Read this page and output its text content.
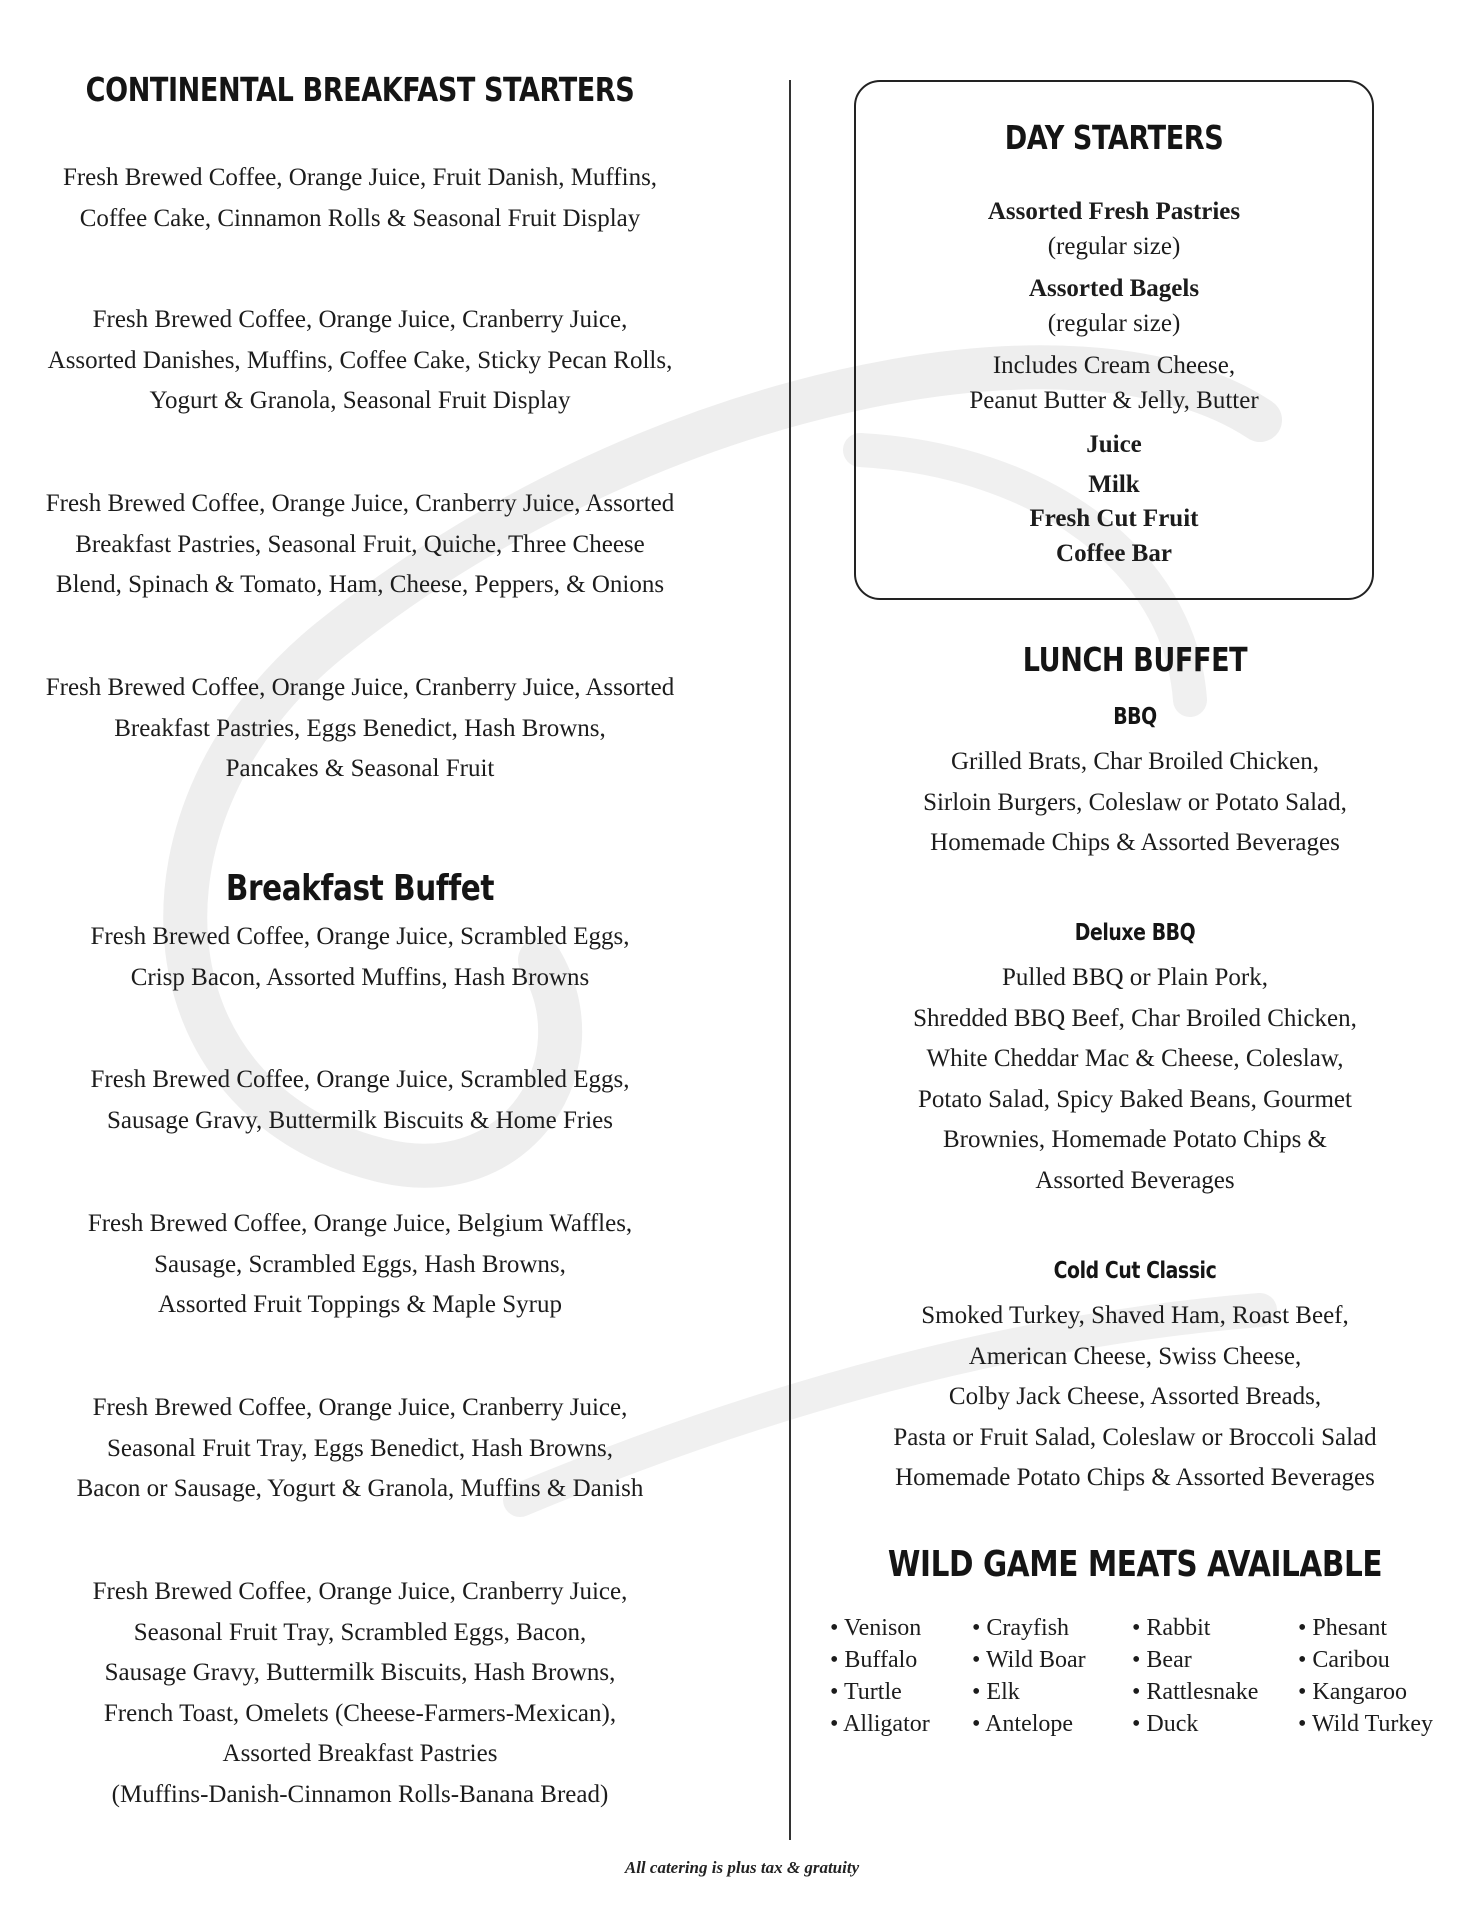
CONTINENTAL BREAKFAST STARTERS

Fresh Brewed Coffee, Orange Juice, Fruit Danish, Muffins,
Coffee Cake, Cinnamon Rolls & Seasonal Fruit Display

Fresh Brewed Coffee, Orange Juice, Cranberry Juice,
Assorted Danishes, Muffins, Coffee Cake, Sticky Pecan Rolls,
Yogurt & Granola, Seasonal Fruit Display

Fresh Brewed Coffee, Orange Juice, Cranberry Juice, Assorted
Breakfast Pastries, Seasonal Fruit, Quiche, Three Cheese
Blend, Spinach & Tomato, Ham, Cheese, Peppers, & Onions

Fresh Brewed Coffee, Orange Juice, Cranberry Juice, Assorted
Breakfast Pastries, Eggs Benedict, Hash Browns,
Pancakes & Seasonal Fruit

Breakfast Buffet

Fresh Brewed Coffee, Orange Juice, Scrambled Eggs,
Crisp Bacon, Assorted Muffins, Hash Browns

Fresh Brewed Coffee, Orange Juice, Scrambled Eggs,
Sausage Gravy, Buttermilk Biscuits & Home Fries

Fresh Brewed Coffee, Orange Juice, Belgium Waffles,
Sausage, Scrambled Eggs, Hash Browns,
Assorted Fruit Toppings & Maple Syrup

Fresh Brewed Coffee, Orange Juice, Cranberry Juice,
Seasonal Fruit Tray, Eggs Benedict, Hash Browns,
Bacon or Sausage, Yogurt & Granola, Muffins & Danish

Fresh Brewed Coffee, Orange Juice, Cranberry Juice,
Seasonal Fruit Tray, Scrambled Eggs, Bacon,
Sausage Gravy, Buttermilk Biscuits, Hash Browns,
French Toast, Omelets (Cheese-Farmers-Mexican),
Assorted Breakfast Pastries
(Muffins-Danish-Cinnamon Rolls-Banana Bread)

DAY STARTERS
Assorted Fresh Pastries
(regular size)
Assorted Bagels
(regular size)
Includes Cream Cheese,
Peanut Butter & Jelly, Butter
Juice
Milk
Fresh Cut Fruit
Coffee Bar
LUNCH BUFFET
BBQ

Grilled Brats, Char Broiled Chicken,
Sirloin Burgers, Coleslaw or Potato Salad,
Homemade Chips & Assorted Beverages

Deluxe BBQ

Pulled BBQ or Plain Pork,
Shredded BBQ Beef, Char Broiled Chicken,
White Cheddar Mac & Cheese, Coleslaw,
Potato Salad, Spicy Baked Beans, Gourmet
Brownies, Homemade Potato Chips &
Assorted Beverages

Cold Cut Classic

Smoked Turkey, Shaved Ham, Roast Beef,
American Cheese, Swiss Cheese,
Colby Jack Cheese, Assorted Breads,
Pasta or Fruit Salad, Coleslaw or Broccoli Salad
Homemade Potato Chips & Assorted Beverages

WILD GAME MEATS AVAILABLE
• Venison
• Buffalo
• Turtle
• Alligator
• Crayfish
• Wild Boar
• Elk
• Antelope
• Rabbit
• Bear
• Rattlesnake
• Duck
• Phesant
• Caribou
• Kangaroo
• Wild Turkey
All catering is plus tax & gratuity
